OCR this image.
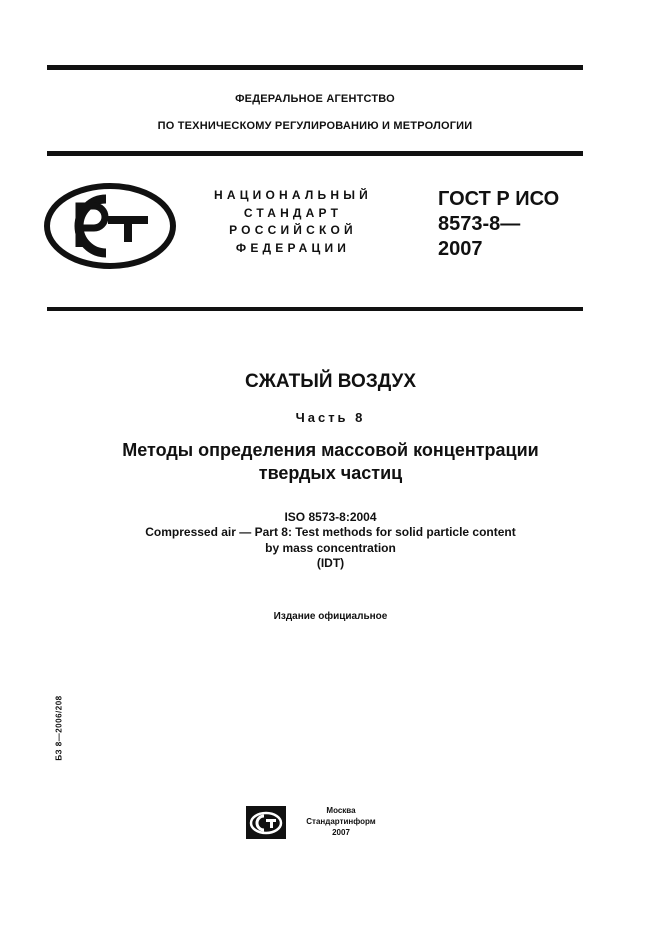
ФЕДЕРАЛЬНОЕ АГЕНТСТВО
ПО ТЕХНИЧЕСКОМУ РЕГУЛИРОВАНИЮ И МЕТРОЛОГИИ
НАЦИОНАЛЬНЫЙ
СТАНДАРТ
РОССИЙСКОЙ
ФЕДЕРАЦИИ
ГОСТ Р ИСО
8573-8—
2007
СЖАТЫЙ ВОЗДУХ
Часть 8
Методы определения массовой концентрации
твердых частиц
ISO 8573-8:2004
Compressed air — Part 8: Test methods for solid particle content
by mass concentration
(IDT)
Издание официальное
БЗ 8—2006/208
Москва
Стандартинформ
2007
